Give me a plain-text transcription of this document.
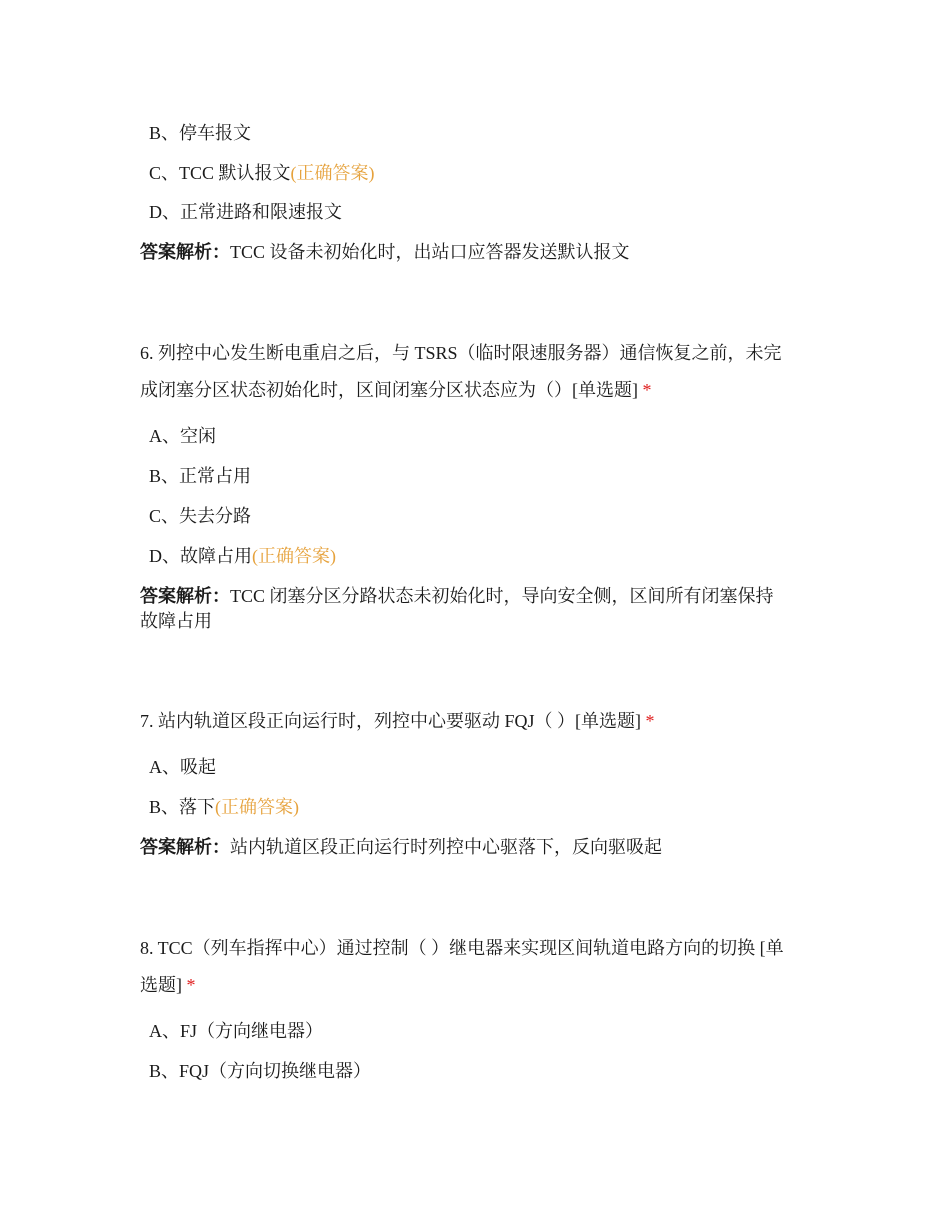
B、停车报文
C、TCC 默认报文(正确答案)
D、正常进路和限速报文
答案解析：TCC 设备未初始化时，出站口应答器发送默认报文
6. 列控中心发生断电重启之后，与 TSRS（临时限速服务器）通信恢复之前，未完
成闭塞分区状态初始化时，区间闭塞分区状态应为（）[单选题] *
A、空闲
B、正常占用
C、失去分路
D、故障占用(正确答案)
答案解析：TCC 闭塞分区分路状态未初始化时，导向安全侧，区间所有闭塞保持
故障占用
7. 站内轨道区段正向运行时，列控中心要驱动 FQJ（ ）[单选题] *
A、吸起
B、落下(正确答案)
答案解析：站内轨道区段正向运行时列控中心驱落下，反向驱吸起
8. TCC（列车指挥中心）通过控制（ ）继电器来实现区间轨道电路方向的切换 [单
选题] *
A、FJ（方向继电器）
B、FQJ（方向切换继电器）
